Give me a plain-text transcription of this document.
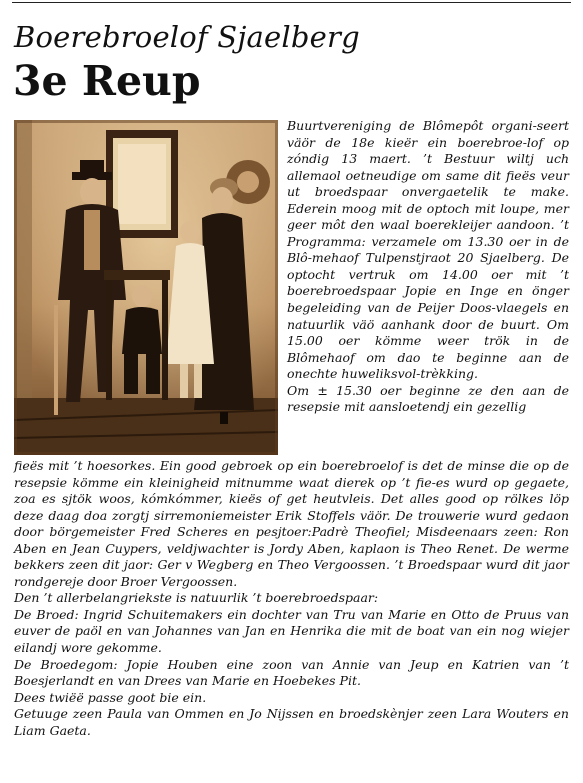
Boerebroelof Sjaelberg
3e Reup

Buurtvereniging de Blômepôt organi-seert väör de 18e kieër ein boerebroe-lof op zóndig 13 maert. ’t Bestuur wiltj uch allemaol oetneudige om same dit fieës veur ut broedspaar onvergaetelik te make. Ederein moog mit de optoch mit loupe, mer geer môt den waal boerekleijer aandoon. ’t Programma: verzamele om 13.30 oer in de Blô-mehaof Tulpenstjraot 20 Sjaelberg. De optocht vertruk om 14.00 oer mit ’t boerebroedspaar Jopie en Inge en önger begeleiding van de Peijer Doos-vlaegels en natuurlik väö aanhank door de buurt. Om 15.00 oer kömme weer trök in de Blômehaof om dao te beginne aan de onechte huweliksvol-trèkking.

Om ± 15.30 oer beginne ze den aan de resepsie mit aansloetendj ein gezellig

fieës mit ’t hoesorkes. Ein good gebroek op ein boerebroelof is det de minse die op de resepsie kömme ein kleinigheid mitnumme waat dierek op ’t fie-es wurd op gegaete, zoa es sjtök woos, kómkómmer, kieës of get heutvleis. Det alles good op rölkes löp deze daag doa zorgtj sirremoniemeister Erik Stoffels väör. De trouwerie wurd gedaon door börgemeister Fred Scheres en pesjtoer:Padrè Theofiel; Misdeenaars zeen: Ron Aben en Jean Cuypers, veldjwachter is Jordy Aben, kaplaon is Theo Renet. De werme bekkers zeen dit jaor: Ger v Wegberg en Theo Vergoossen. ’t Broedspaar wurd dit jaor rondgereje door Broer Vergoossen.

Den ’t allerbelangriekste is natuurlik ’t boerebroedspaar:

De Broed: Ingrid Schuitemakers ein dochter van Tru van Marie en Otto de Pruus van euver de paöl en van Johannes van Jan en Henrika die mit de boat van ein nog wiejer eilandj wore gekomme.

De Broedegom: Jopie Houben eine zoon van Annie van Jeup en Katrien van ’t Boesjerlandt en van Drees van Marie en Hoebekes Pit.

Dees twiëë passe goot bie ein.

Getuuge zeen Paula van Ommen en Jo Nijssen en broedskènjer zeen Lara Wouters en Liam Gaeta.
